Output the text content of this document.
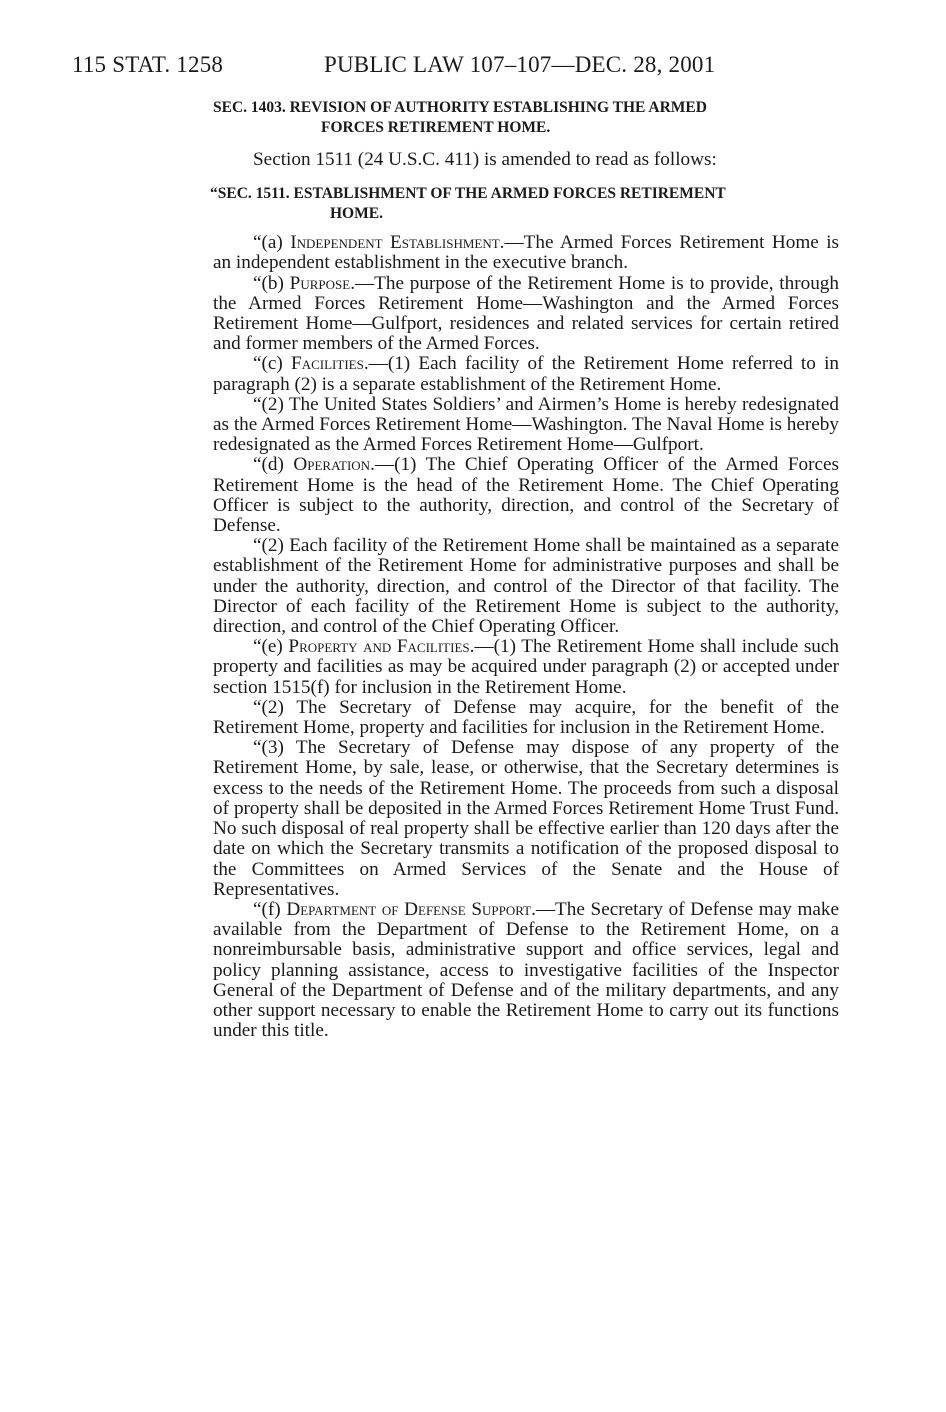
115 STAT. 1258	PUBLIC LAW 107–107—DEC. 28, 2001
SEC. 1403. REVISION OF AUTHORITY ESTABLISHING THE ARMED
FORCES RETIREMENT HOME.

Section 1511 (24 U.S.C. 411) is amended to read as follows:

“SEC. 1511. ESTABLISHMENT OF THE ARMED FORCES RETIREMENT
HOME.

“(a) Independent Establishment.—The Armed Forces Retirement Home is an independent establishment in the executive branch.

“(b) Purpose.—The purpose of the Retirement Home is to provide, through the Armed Forces Retirement Home—Washington and the Armed Forces Retirement Home—Gulfport, residences and related services for certain retired and former members of the Armed Forces.

“(c) Facilities.—(1) Each facility of the Retirement Home referred to in paragraph (2) is a separate establishment of the Retirement Home.

“(2) The United States Soldiers’ and Airmen’s Home is hereby redesignated as the Armed Forces Retirement Home—Washington. The Naval Home is hereby redesignated as the Armed Forces Retirement Home—Gulfport.

“(d) Operation.—(1) The Chief Operating Officer of the Armed Forces Retirement Home is the head of the Retirement Home. The Chief Operating Officer is subject to the authority, direction, and control of the Secretary of Defense.

“(2) Each facility of the Retirement Home shall be maintained as a separate establishment of the Retirement Home for administrative purposes and shall be under the authority, direction, and control of the Director of that facility. The Director of each facility of the Retirement Home is subject to the authority, direction, and control of the Chief Operating Officer.

“(e) Property and Facilities.—(1) The Retirement Home shall include such property and facilities as may be acquired under paragraph (2) or accepted under section 1515(f) for inclusion in the Retirement Home.

“(2) The Secretary of Defense may acquire, for the benefit of the Retirement Home, property and facilities for inclusion in the Retirement Home.

“(3) The Secretary of Defense may dispose of any property of the Retirement Home, by sale, lease, or otherwise, that the Secretary determines is excess to the needs of the Retirement Home. The proceeds from such a disposal of property shall be deposited in the Armed Forces Retirement Home Trust Fund. No such disposal of real property shall be effective earlier than 120 days after the date on which the Secretary transmits a notification of the proposed disposal to the Committees on Armed Services of the Senate and the House of Representatives.

“(f) Department of Defense Support.—The Secretary of Defense may make available from the Department of Defense to the Retirement Home, on a nonreimbursable basis, administrative support and office services, legal and policy planning assistance, access to investigative facilities of the Inspector General of the Department of Defense and of the military departments, and any other support necessary to enable the Retirement Home to carry out its functions under this title.
